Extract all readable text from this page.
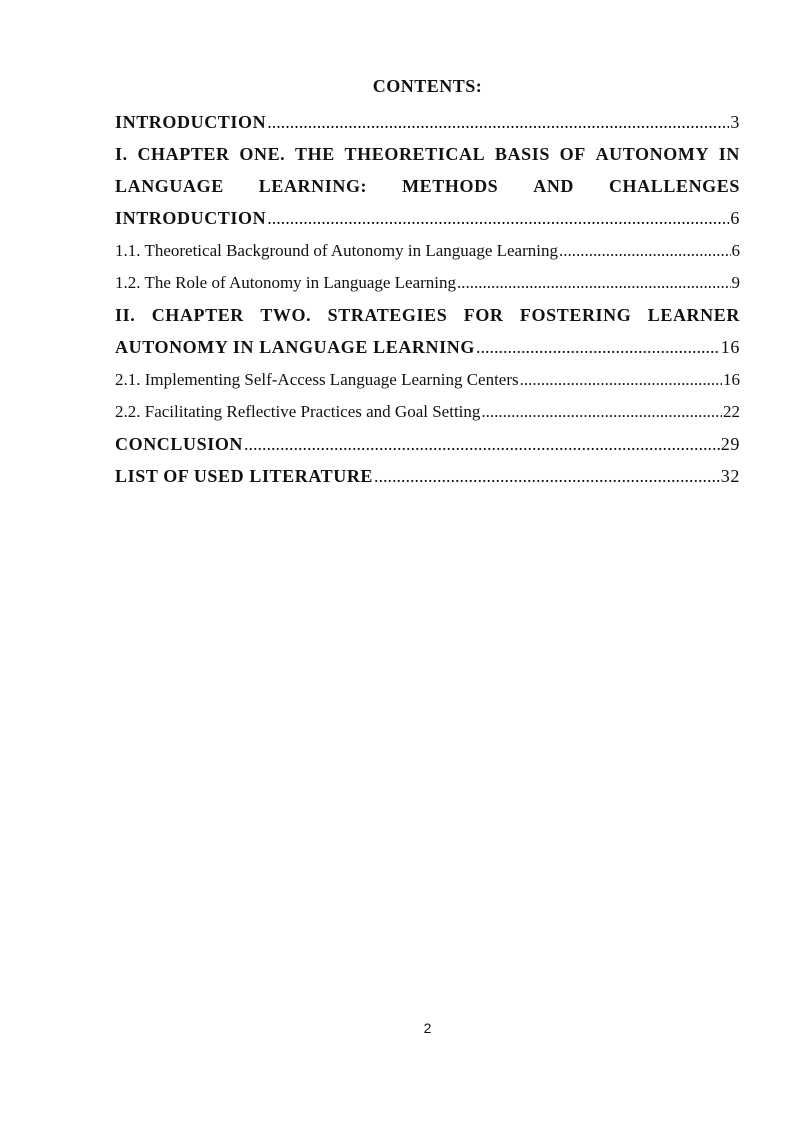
CONTENTS:
INTRODUCTION .....	3
I. CHAPTER ONE. THE THEORETICAL BASIS OF AUTONOMY IN
LANGUAGE LEARNING: METHODS AND CHALLENGES
INTRODUCTION .....	6
1.1. Theoretical Background of Autonomy in Language Learning .....	6
1.2. The Role of Autonomy in Language Learning .....	9
II. CHAPTER TWO. STRATEGIES FOR FOSTERING LEARNER
AUTONOMY IN LANGUAGE LEARNING .....	16
2.1. Implementing Self-Access Language Learning Centers .....	16
2.2. Facilitating Reflective Practices and Goal Setting .....	22
CONCLUSION .....	29
LIST OF USED LITERATURE .....	32
2
